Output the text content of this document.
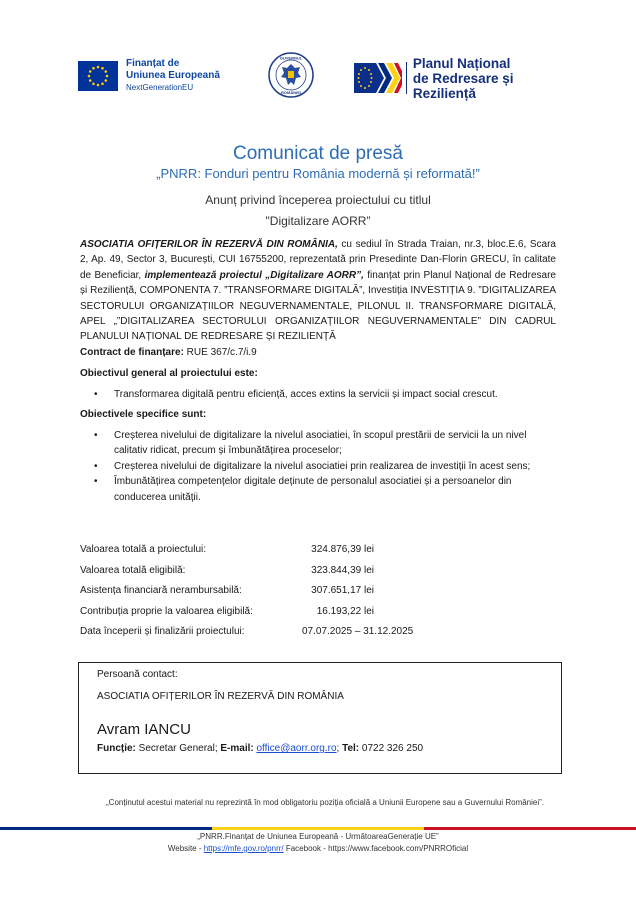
Finanțat de
Uniunea Europeană
NextGenerationEU
GUVERNUL
ROMÂNIEI
Planul Național
de Redresare și Reziliență
Comunicat de presă
„PNRR: Fonduri pentru România modernă și reformată!”
Anunț privind începerea proiectului cu titlul
"Digitalizare AORR”
ASOCIATIA OFIȚERILOR ÎN REZERVĂ DIN ROMÂNIA, cu sediul în Strada Traian, nr.3, bloc.E.6, Scara 2, Ap. 49, Sector 3, București, CUI 16755200, reprezentată prin Presedinte Dan-Florin GRECU, în calitate de Beneficiar, implementează proiectul „Digitalizare AORR”, finanțat prin Planul Național de Redresare și Reziliență, COMPONENTA 7. ”TRANSFORMARE DIGITALĂ”, Investiția INVESTIȚIA 9. ”DIGITALIZAREA SECTORULUI ORGANIZAȚIILOR NEGUVERNAMENTALE, PILONUL II. TRANSFORMARE DIGITALĂ, APEL „”DIGITALIZAREA SECTORULUI ORGANIZAȚIILOR NEGUVERNAMENTALE” DIN CADRUL PLANULUI NAȚIONAL DE REDRESARE ȘI REZILIENȚĂ
Contract de finanțare: RUE 367/c.7/i.9
Obiectivul general al proiectului este:
• Transformarea digitală pentru eficiență, acces extins la servicii și impact social crescut.
Obiectivele specifice sunt:
• Creșterea nivelului de digitalizare la nivelul asociatiei, în scopul prestării de servicii la un nivel calitativ ridicat, precum și îmbunătățirea proceselor;
• Creșterea nivelului de digitalizare la nivelul asociatiei prin realizarea de investiții în acest sens;
• Îmbunătățirea competențelor digitale deținute de personalul asociatiei și a persoanelor din conducerea unității.
Valoarea totală a proiectului:	324.876,39 lei
Valoarea totală eligibilă:	323.844,39 lei
Asistența financiară nerambursabilă:	307.651,17 lei
Contribuția proprie la valoarea eligibilă:	16.193,22 lei
Data începerii și finalizării proiectului:	07.07.2025 – 31.12.2025
Persoană contact:
ASOCIATIA OFIȚERILOR ÎN REZERVĂ DIN ROMÂNIA
Avram IANCU
Funcție: Secretar General; E-mail: office@aorr.org.ro; Tel: 0722 326 250
„Conținutul acestui material nu reprezintă în mod obligatoriu poziția oficială a Uniunii Europene sau a Guvernului României”.
„PNRR.Finanțat de Uniunea Europeană - UrmătoareaGenerație UE”
Website - https://mfe.gov.ro/pnrr/ Facebook - https://www.facebook.com/PNRROficial
